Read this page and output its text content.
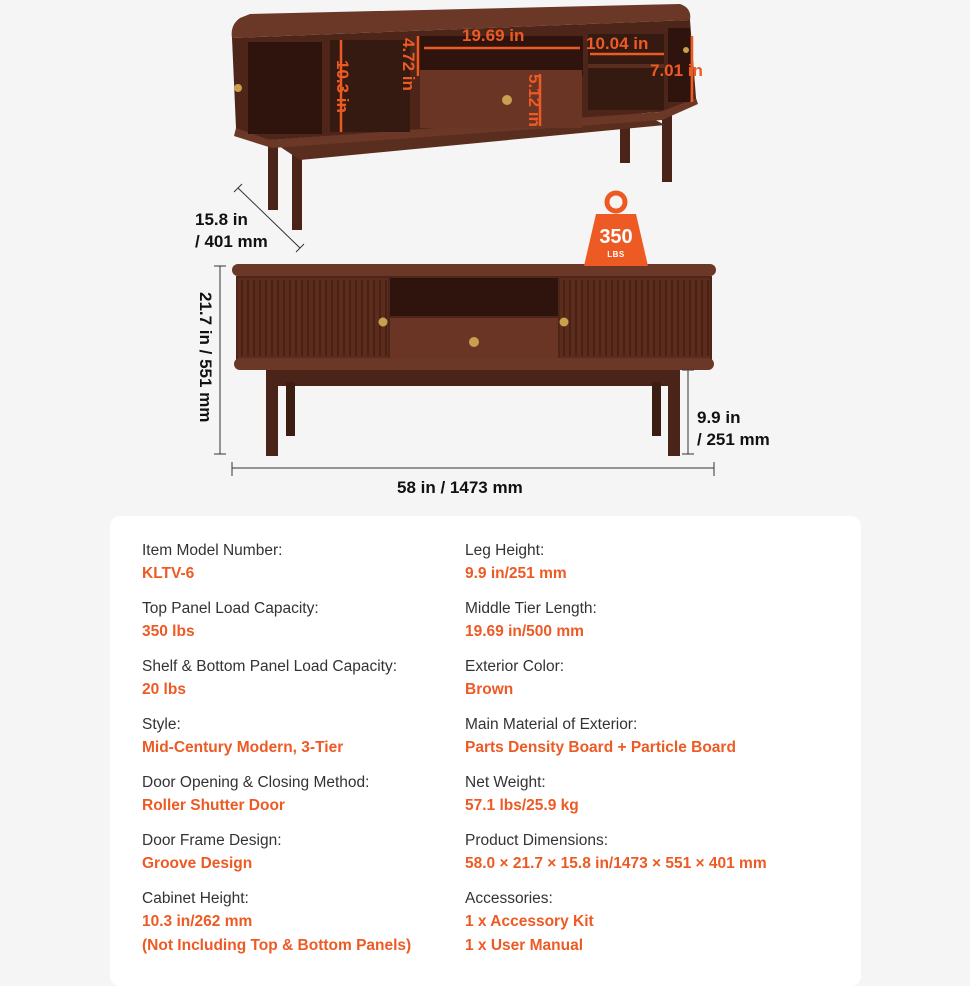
10.3 in	4.72 in
19.69 in
5.12 in
10.04 in
7.01 in
15.8 in
/ 401 mm
21.7 in / 551 mm	9.9 in
/ 251 mm
58 in / 1473 mm
350
LBS
Item Model Number:
KLTV-6
Top Panel Load Capacity:
350 lbs
Shelf & Bottom Panel Load Capacity:
20 lbs
Style:
Mid-Century Modern, 3-Tier
Door Opening & Closing Method:
Roller Shutter Door
Door Frame Design:
Groove Design
Cabinet Height:
10.3 in/262 mm
(Not Including Top & Bottom Panels)
Leg Height:
9.9 in/251 mm
Middle Tier Length:
19.69 in/500 mm
Exterior Color:
Brown
Main Material of Exterior:
Parts Density Board + Particle Board
Net Weight:
57.1 lbs/25.9 kg
Product Dimensions:
58.0 × 21.7 × 15.8 in/1473 × 551 × 401 mm
Accessories:
1 x Accessory Kit
1 x User Manual
